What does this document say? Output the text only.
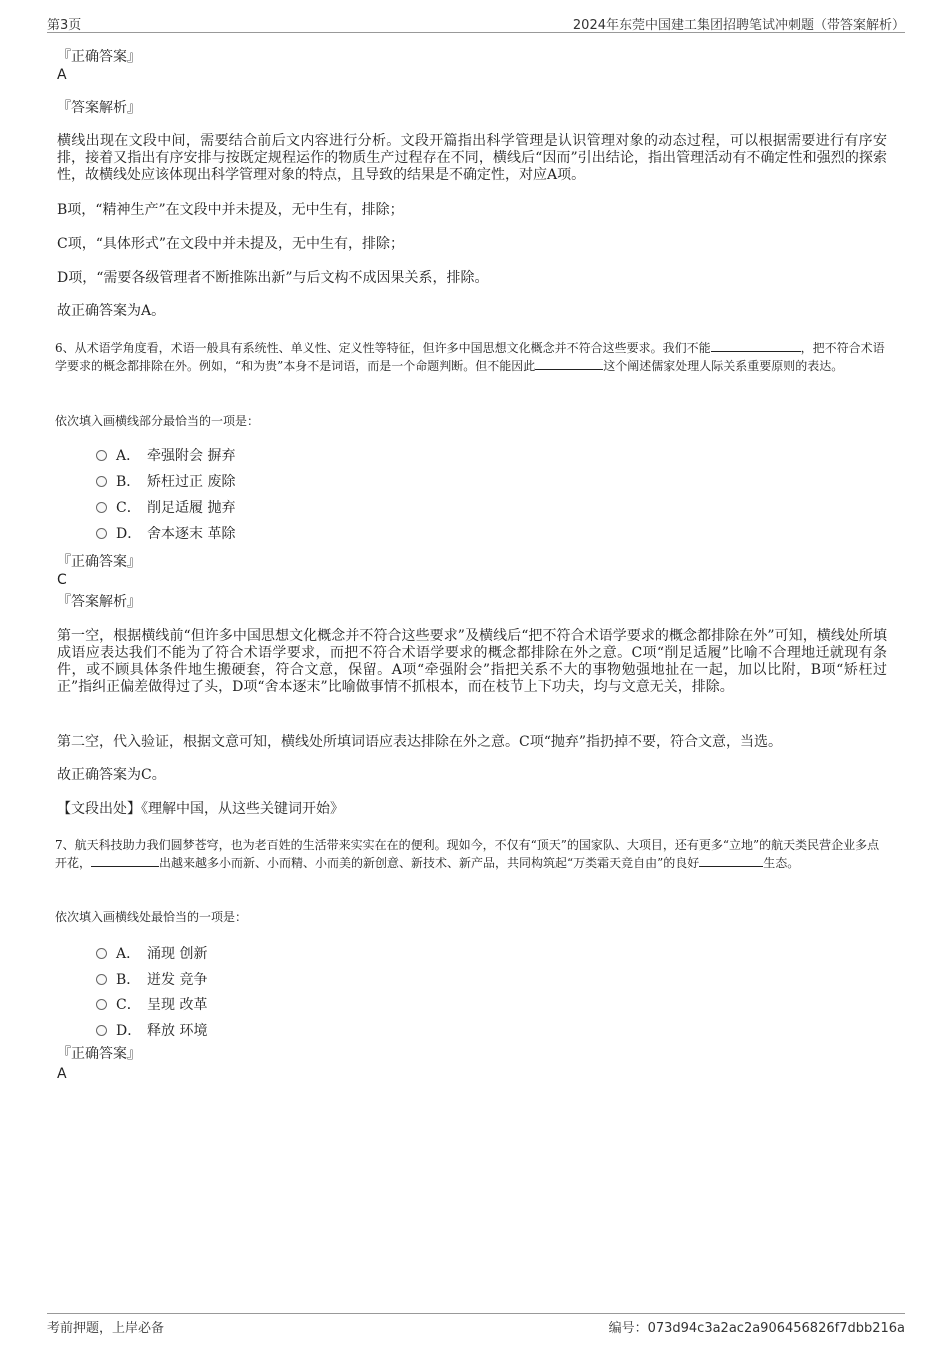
第3页	2024年东莞中国建工集团招聘笔试冲刺题（带答案解析）
『正确答案』
A
『答案解析』

横线出现在文段中间，需要结合前后文内容进行分析。文段开篇指出科学管理是认识管理对象的动态过程，可以根据需要进行有序安排，接着又指出有序安排与按既定规程运作的物质生产过程存在不同，横线后“因而”引出结论，指出管理活动有不确定性和强烈的探索性，故横线处应该体现出科学管理对象的特点，且导致的结果是不确定性，对应A项。

B项，“精神生产”在文段中并未提及，无中生有，排除；

C项，“具体形式”在文段中并未提及，无中生有，排除；

D项，“需要各级管理者不断推陈出新”与后文构不成因果关系，排除。

故正确答案为A。

6、从术语学角度看，术语一般具有系统性、单义性、定义性等特征，但许多中国思想文化概念并不符合这些要求。我们不能	，把不符合术语学要求的概念都排除在外。例如，“和为贵”本身不是词语，而是一个命题判断。但不能因此	这个阐述儒家处理人际关系重要原则的表达。

依次填入画横线部分最恰当的一项是：
A． 牵强附会 摒弃
B． 矫枉过正 废除
C． 削足适履 抛弃
D． 舍本逐末 革除
『正确答案』
C
『答案解析』

第一空，根据横线前“但许多中国思想文化概念并不符合这些要求”及横线后“把不符合术语学要求的概念都排除在外”可知，横线处所填成语应表达我们不能为了符合术语学要求，而把不符合术语学要求的概念都排除在外之意。C项“削足适履”比喻不合理地迁就现有条件，或不顾具体条件地生搬硬套，符合文意，保留。A项“牵强附会”指把关系不大的事物勉强地扯在一起，加以比附，B项“矫枉过正”指纠正偏差做得过了头，D项“舍本逐末”比喻做事情不抓根本，而在枝节上下功夫，均与文意无关，排除。

第二空，代入验证，根据文意可知，横线处所填词语应表达排除在外之意。C项“抛弃”指扔掉不要，符合文意，当选。

故正确答案为C。

【文段出处】《理解中国，从这些关键词开始》

7、航天科技助力我们圆梦苍穹，也为老百姓的生活带来实实在在的便利。现如今，不仅有“顶天”的国家队、大项目，还有更多“立地”的航天类民营企业多点开花，	出越来越多小而新、小而精、小而美的新创意、新技术、新产品，共同构筑起“万类霜天竞自由”的良好	生态。

依次填入画横线处最恰当的一项是：
A． 涌现 创新
B． 迸发 竞争
C． 呈现 改革
D． 释放 环境
『正确答案』
A
考前押题，上岸必备	编号：073d94c3a2ac2a906456826f7dbb216a
